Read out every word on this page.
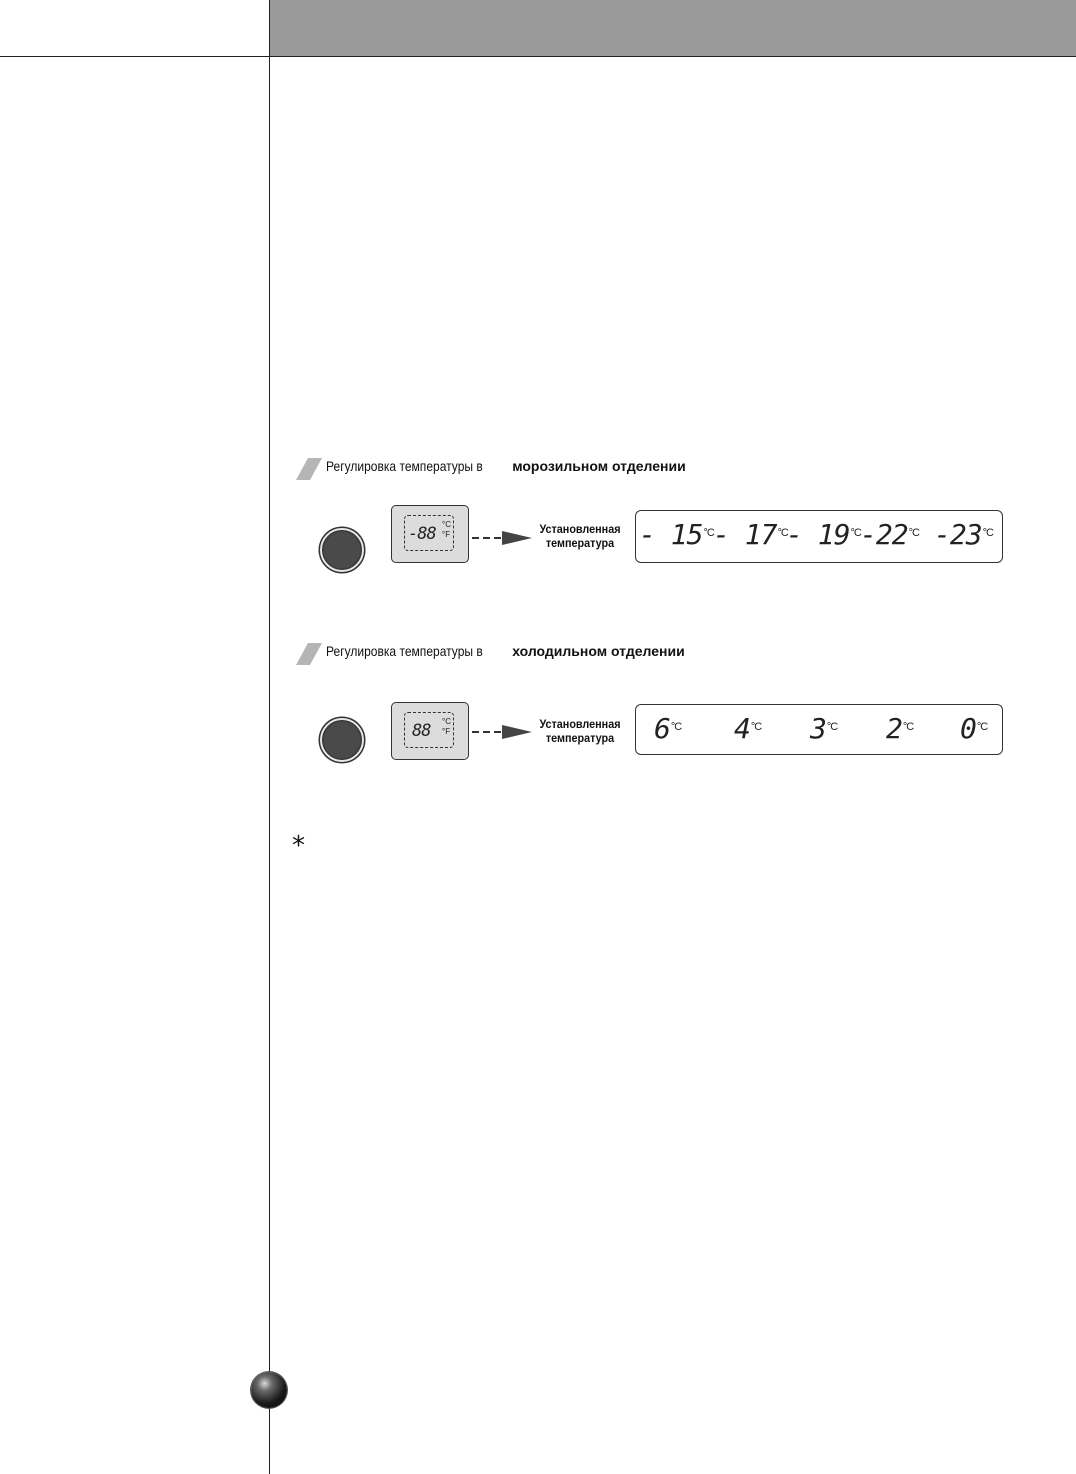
Регулировка температуры в
морозильном отделении
-88 °C
°F	Установленная
температура - $15^{^\circ C} - 17^{^\circ C}$
- $19^{^\circ C}$ $-22^{^\circ C}$ $-23^{^\circ C}$
Регулировка температуры в
холодильном отделении
88 °C
°F
Установленная
температура	$6^{^\circ C}$ $4^{^\circ C}$ $3^{^\circ C}$ $2^{^\circ C}$ $0^{^\circ C}$
*
